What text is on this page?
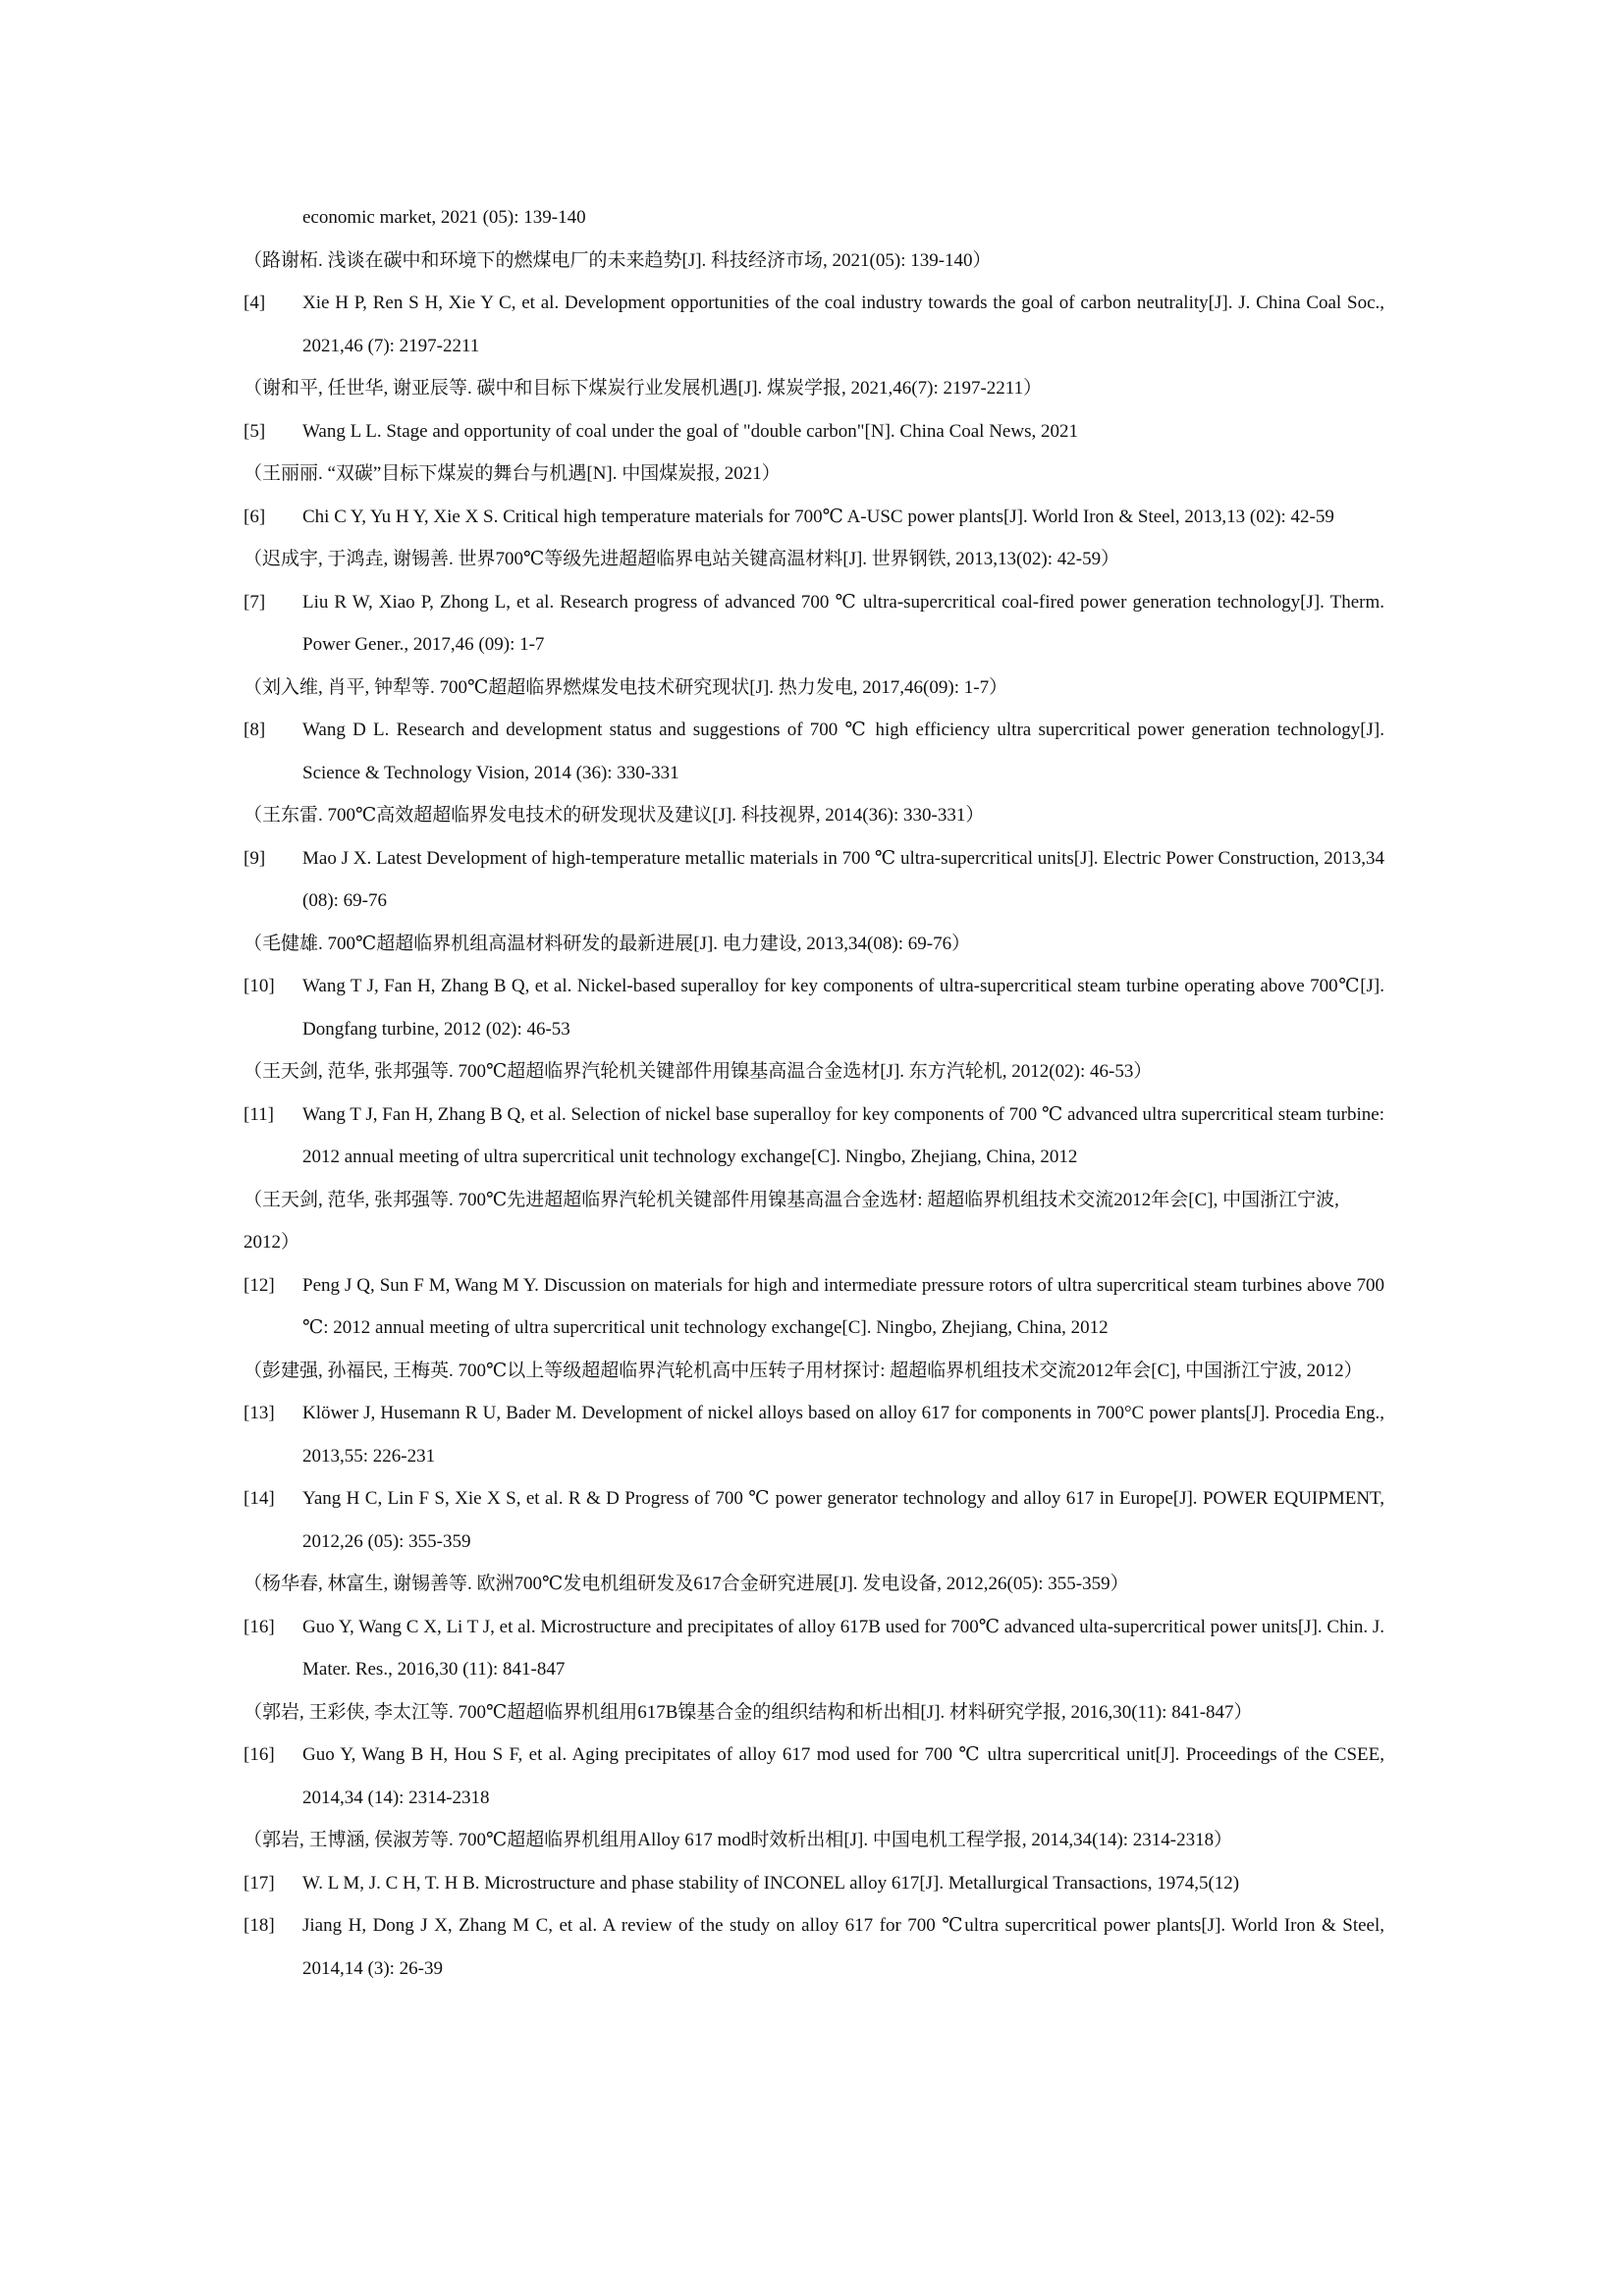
economic market, 2021 (05): 139-140
（路谢柘. 浅谈在碳中和环境下的燃煤电厂的未来趋势[J]. 科技经济市场, 2021(05): 139-140）
[4]	Xie H P, Ren S H, Xie Y C, et al. Development opportunities of the coal industry towards the goal of carbon neutrality[J]. J. China Coal Soc., 2021,46 (7): 2197-2211
（谢和平, 任世华, 谢亚辰等. 碳中和目标下煤炭行业发展机遇[J]. 煤炭学报, 2021,46(7): 2197-2211）
[5]	Wang L L. Stage and opportunity of coal under the goal of "double carbon"[N]. China Coal News, 2021
（王丽丽. “双碳”目标下煤炭的舞台与机遇[N]. 中国煤炭报, 2021）
[6]	Chi C Y, Yu H Y, Xie X S. Critical high temperature materials for 700℃ A-USC power plants[J]. World Iron & Steel, 2013,13 (02): 42-59
（迟成宇, 于鸿垚, 谢锡善. 世界700℃等级先进超超临界电站关键高温材料[J]. 世界钢铁, 2013,13(02): 42-59）
[7]	Liu R W, Xiao P, Zhong L, et al. Research progress of advanced 700 ℃ ultra-supercritical coal-fired power generation technology[J]. Therm. Power Gener., 2017,46 (09): 1-7
（刘入维, 肖平, 钟犁等. 700℃超超临界燃煤发电技术研究现状[J]. 热力发电, 2017,46(09): 1-7）
[8]	Wang D L. Research and development status and suggestions of 700 ℃ high efficiency ultra supercritical power generation technology[J]. Science & Technology Vision, 2014 (36): 330-331
（王东雷. 700℃高效超超临界发电技术的研发现状及建议[J]. 科技视界, 2014(36): 330-331）
[9]	Mao J X. Latest Development of high-temperature metallic materials in 700 ℃ ultra-supercritical units[J]. Electric Power Construction, 2013,34 (08): 69-76
（毛健雄. 700℃超超临界机组高温材料研发的最新进展[J]. 电力建设, 2013,34(08): 69-76）
[10]	Wang T J, Fan H, Zhang B Q, et al. Nickel-based superalloy for key components of ultra-supercritical steam turbine operating above 700℃[J]. Dongfang turbine, 2012 (02): 46-53
（王天剑, 范华, 张邦强等. 700℃超超临界汽轮机关键部件用镍基高温合金选材[J]. 东方汽轮机, 2012(02): 46-53）
[11]	Wang T J, Fan H, Zhang B Q, et al. Selection of nickel base superalloy for key components of 700 ℃ advanced ultra supercritical steam turbine: 2012 annual meeting of ultra supercritical unit technology exchange[C]. Ningbo, Zhejiang, China, 2012
（王天剑, 范华, 张邦强等. 700℃先进超超临界汽轮机关键部件用镍基高温合金选材: 超超临界机组技术交流2012年会[C], 中国浙江宁波, 2012）
[12]	Peng J Q, Sun F M, Wang M Y. Discussion on materials for high and intermediate pressure rotors of ultra supercritical steam turbines above 700 ℃: 2012 annual meeting of ultra supercritical unit technology exchange[C]. Ningbo, Zhejiang, China, 2012
（彭建强, 孙福民, 王梅英. 700℃以上等级超超临界汽轮机高中压转子用材探讨: 超超临界机组技术交流2012年会[C], 中国浙江宁波, 2012）
[13]	Klöwer J, Husemann R U, Bader M. Development of nickel alloys based on alloy 617 for components in 700°C power plants[J]. Procedia Eng., 2013,55: 226-231
[14]	Yang H C, Lin F S, Xie X S, et al. R & D Progress of 700 ℃ power generator technology and alloy 617 in Europe[J]. POWER EQUIPMENT, 2012,26 (05): 355-359
（杨华春, 林富生, 谢锡善等. 欧洲700℃发电机组研发及617合金研究进展[J]. 发电设备, 2012,26(05): 355-359）
[16]	Guo Y, Wang C X, Li T J, et al. Microstructure and precipitates of alloy 617B used for 700℃ advanced ulta-supercritical power units[J]. Chin. J. Mater. Res., 2016,30 (11): 841-847
（郭岩, 王彩侠, 李太江等. 700℃超超临界机组用617B镍基合金的组织结构和析出相[J]. 材料研究学报, 2016,30(11): 841-847）
[16]	Guo Y, Wang B H, Hou S F, et al. Aging precipitates of alloy 617 mod used for 700 ℃ ultra supercritical unit[J]. Proceedings of the CSEE, 2014,34 (14): 2314-2318
（郭岩, 王博涵, 侯淑芳等. 700℃超超临界机组用Alloy 617 mod时效析出相[J]. 中国电机工程学报, 2014,34(14): 2314-2318）
[17]	W. L M, J. C H, T. H B. Microstructure and phase stability of INCONEL alloy 617[J]. Metallurgical Transactions, 1974,5(12)
[18]	Jiang H, Dong J X, Zhang M C, et al. A review of the study on alloy 617 for 700 ℃ultra supercritical power plants[J]. World Iron & Steel, 2014,14 (3): 26-39
